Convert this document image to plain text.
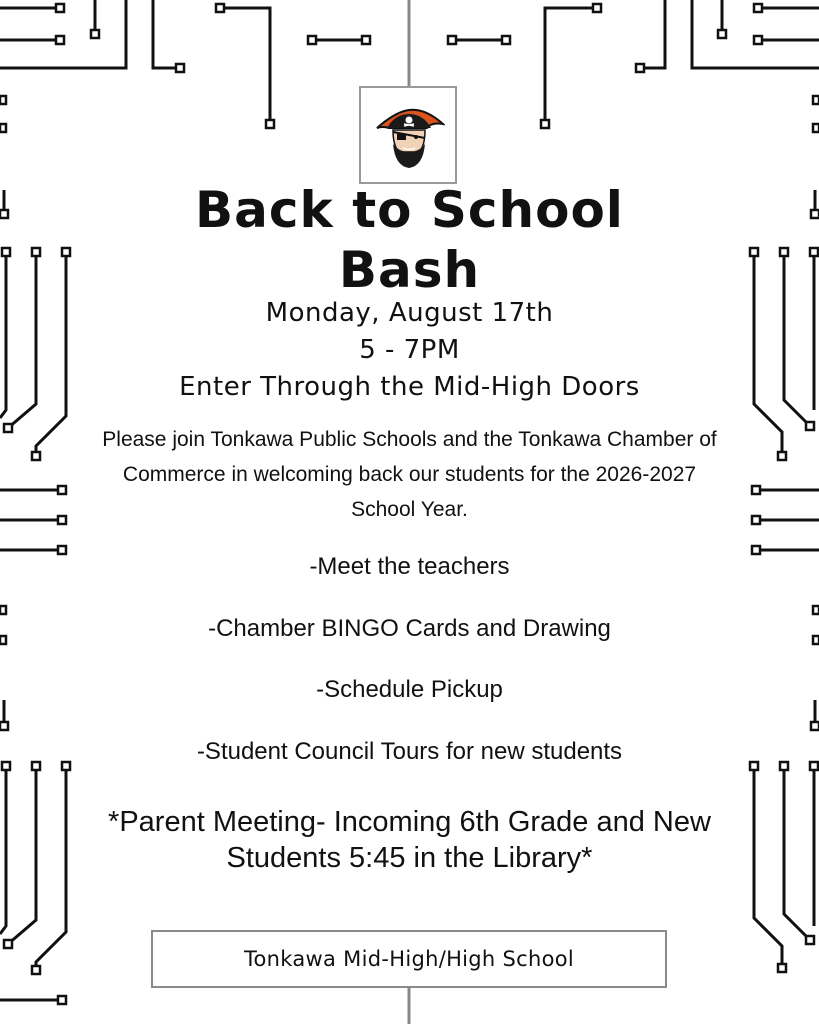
Back to School
Bash
Monday, August 17th
5 - 7PM
Enter Through the Mid-High Doors
Please join Tonkawa Public Schools and the Tonkawa Chamber of Commerce in welcoming back our students for the 2026-2027 School Year.
-Meet the teachers
-Chamber BINGO Cards and Drawing
-Schedule Pickup
-Student Council Tours for new students
*Parent Meeting- Incoming 6th Grade and New Students 5:45 in the Library*
Tonkawa Mid-High/High School
